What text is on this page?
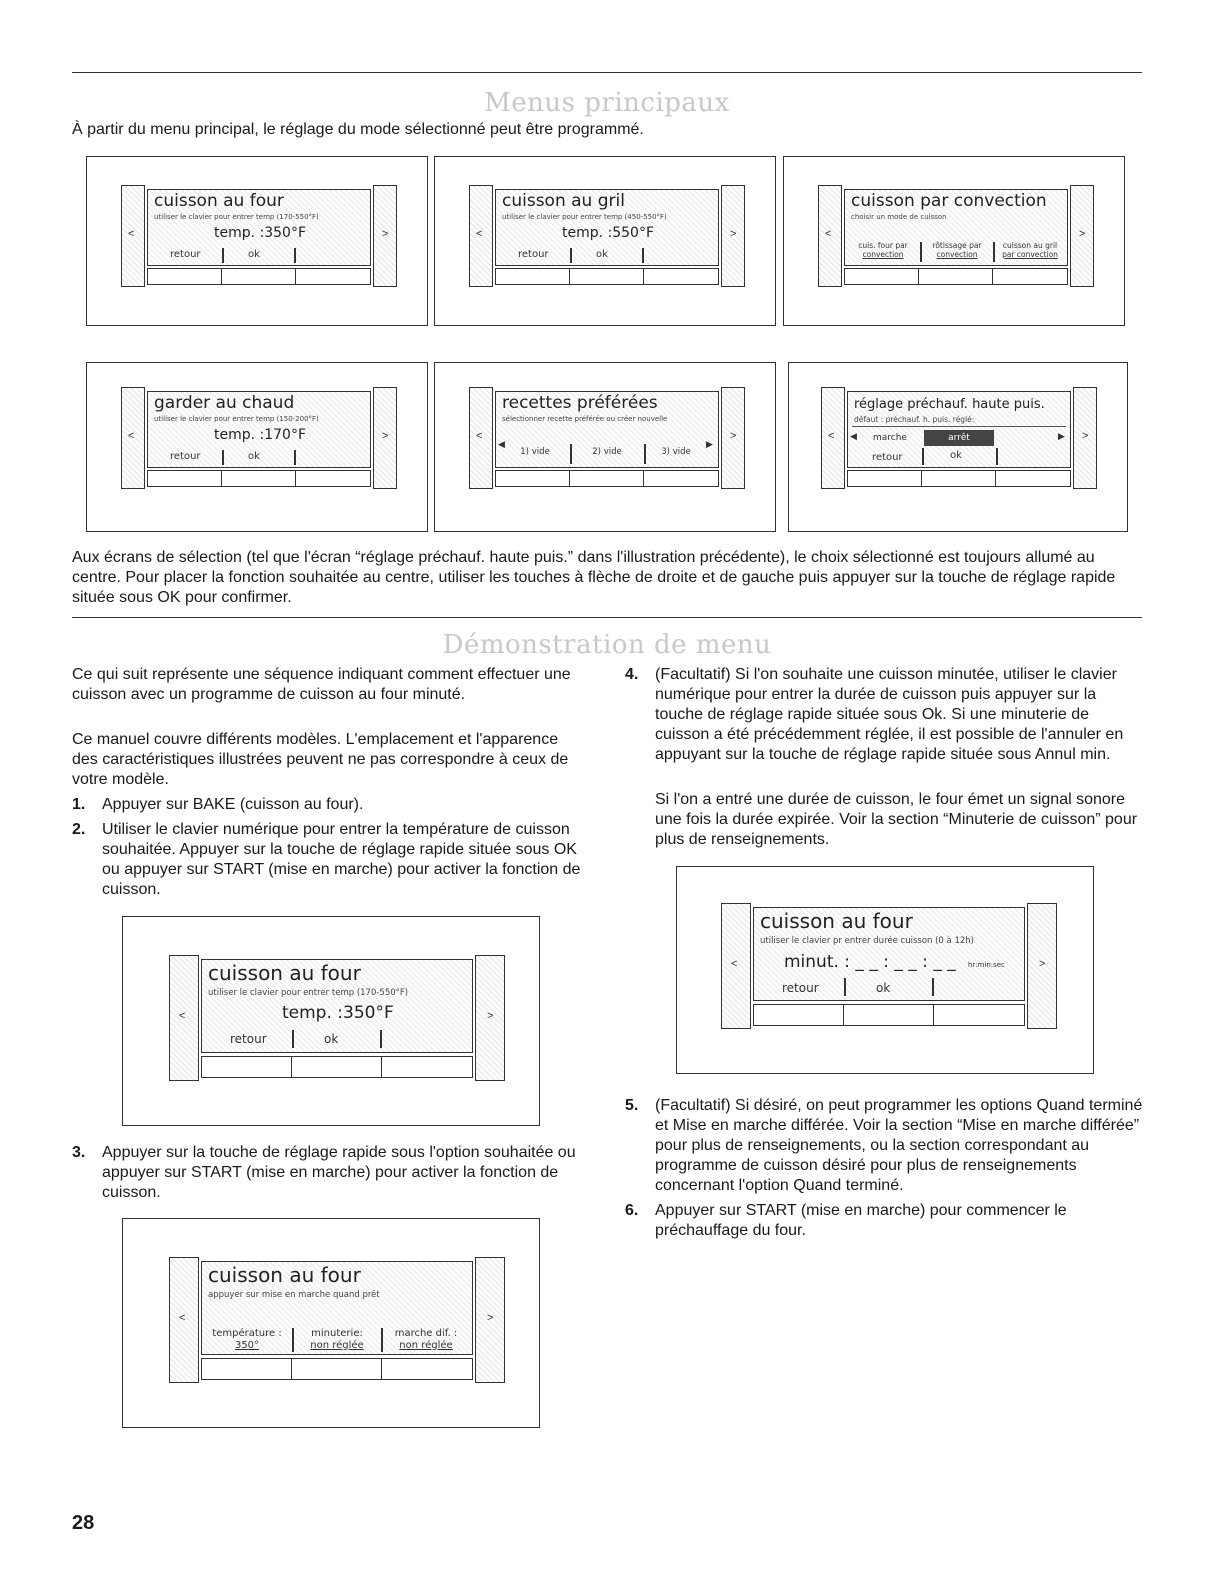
Menus principaux

À partir du menu principal, le réglage du mode sélectionné peut être programmé.

<	>
cuisson au four
utiliser le clavier pour entrer temp (170-550°F)
temp. :350°F
retour	ok
<	>
cuisson au gril
utiliser le clavier pour entrer temp (450-550°F)
temp. :550°F
retour	ok
<	>
cuisson par convection
choisir un mode de cuisson
cuis. four par
convection
rôtissage par
convection
cuisson au gril
par convection
<	>
garder au chaud
utiliser le clavier pour entrer temp (150-200°F)
temp. :170°F
retour	ok
<	>
recettes préférées
sélectionner recette préférée ou créer nouvelle
◀	▶
1) vide	2) vide	3) vide
<	>
réglage préchauf. haute puis.
défaut : préchauf. h. puis. réglé:
◀	marche	arrêt	▶
retour	ok

Aux écrans de sélection (tel que l'écran “réglage préchauf. haute puis.” dans l'illustration précédente), le choix sélectionné est toujours allumé au centre. Pour placer la fonction souhaitée au centre, utiliser les touches à flèche de droite et de gauche puis appuyer sur la touche de réglage rapide située sous OK pour confirmer.

Démonstration de menu

Ce qui suit représente une séquence indiquant comment effectuer une cuisson avec un programme de cuisson au four minuté.

Ce manuel couvre différents modèles. L'emplacement et l'apparence des caractéristiques illustrées peuvent ne pas correspondre à ceux de votre modèle.

1. Appuyer sur BAKE (cuisson au four).
2. Utiliser le clavier numérique pour entrer la température de cuisson souhaitée. Appuyer sur la touche de réglage rapide située sous OK ou appuyer sur START (mise en marche) pour activer la fonction de cuisson.
<	>
cuisson au four
utiliser le clavier pour entrer temp (170-550°F)
temp. :350°F
retour	ok
3. Appuyer sur la touche de réglage rapide sous l'option souhaitée ou appuyer sur START (mise en marche) pour activer la fonction de cuisson.
<	>
cuisson au four
appuyer sur mise en marche quand prêt
température :
350°
minuterie:
non réglée
marche dif. :
non réglée
4. (Facultatif) Si l'on souhaite une cuisson minutée, utiliser le clavier numérique pour entrer la durée de cuisson puis appuyer sur la touche de réglage rapide située sous Ok. Si une minuterie de cuisson a été précédemment réglée, il est possible de l'annuler en appuyant sur la touche de réglage rapide située sous Annul min.

Si l'on a entré une durée de cuisson, le four émet un signal sonore une fois la durée expirée. Voir la section “Minuterie de cuisson” pour plus de renseignements.

<	>
cuisson au four
utiliser le clavier pr entrer durée cuisson (0 à 12h)
minut. : _ _ : _ _ : _ _ hr:min:sec
retour	ok
5. (Facultatif) Si désiré, on peut programmer les options Quand terminé et Mise en marche différée. Voir la section “Mise en marche différée” pour plus de renseignements, ou la section correspondant au programme de cuisson désiré pour plus de renseignements concernant l'option Quand terminé.
6. Appuyer sur START (mise en marche) pour commencer le préchauffage du four.
28
